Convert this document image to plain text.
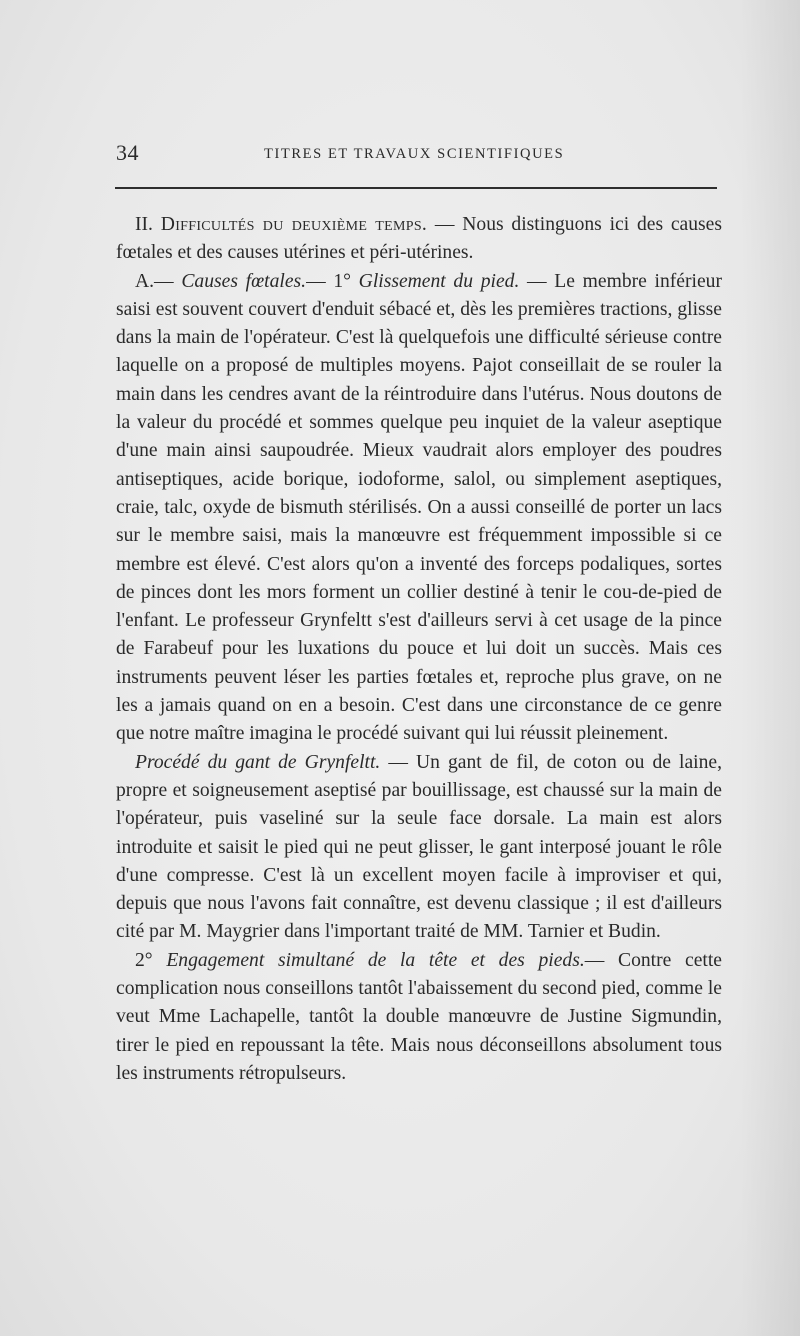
34	TITRES ET TRAVAUX SCIENTIFIQUES

II. Difficultés du deuxième temps. — Nous distinguons ici des causes fœtales et des causes utérines et péri-utérines.

A.— Causes fœtales.— 1° Glissement du pied. — Le membre inférieur saisi est souvent couvert d'enduit sébacé et, dès les premières tractions, glisse dans la main de l'opérateur. C'est là quelquefois une difficulté sérieuse contre laquelle on a proposé de multiples moyens. Pajot conseillait de se rouler la main dans les cendres avant de la réintroduire dans l'utérus. Nous doutons de la valeur du procédé et sommes quelque peu inquiet de la valeur aseptique d'une main ainsi saupoudrée. Mieux vaudrait alors employer des poudres antiseptiques, acide borique, iodoforme, salol, ou simplement aseptiques, craie, talc, oxyde de bismuth stérilisés. On a aussi conseillé de porter un lacs sur le membre saisi, mais la manœuvre est fréquemment impossible si ce membre est élevé. C'est alors qu'on a inventé des forceps podaliques, sortes de pinces dont les mors forment un collier destiné à tenir le cou-de-pied de l'enfant. Le professeur Grynfeltt s'est d'ailleurs servi à cet usage de la pince de Farabeuf pour les luxations du pouce et lui doit un succès. Mais ces instruments peuvent léser les parties fœtales et, reproche plus grave, on ne les a jamais quand on en a besoin. C'est dans une circonstance de ce genre que notre maître imagina le procédé suivant qui lui réussit pleinement.

Procédé du gant de Grynfeltt. — Un gant de fil, de coton ou de laine, propre et soigneusement aseptisé par bouillissage, est chaussé sur la main de l'opérateur, puis vaseliné sur la seule face dorsale. La main est alors introduite et saisit le pied qui ne peut glisser, le gant interposé jouant le rôle d'une compresse. C'est là un excellent moyen facile à improviser et qui, depuis que nous l'avons fait connaître, est devenu classique ; il est d'ailleurs cité par M. Maygrier dans l'important traité de MM. Tarnier et Budin.

2° Engagement simultané de la tête et des pieds.— Contre cette complication nous conseillons tantôt l'abaissement du second pied, comme le veut Mme Lachapelle, tantôt la double manœuvre de Justine Sigmundin, tirer le pied en repoussant la tête. Mais nous déconseillons absolument tous les instruments rétropulseurs.
